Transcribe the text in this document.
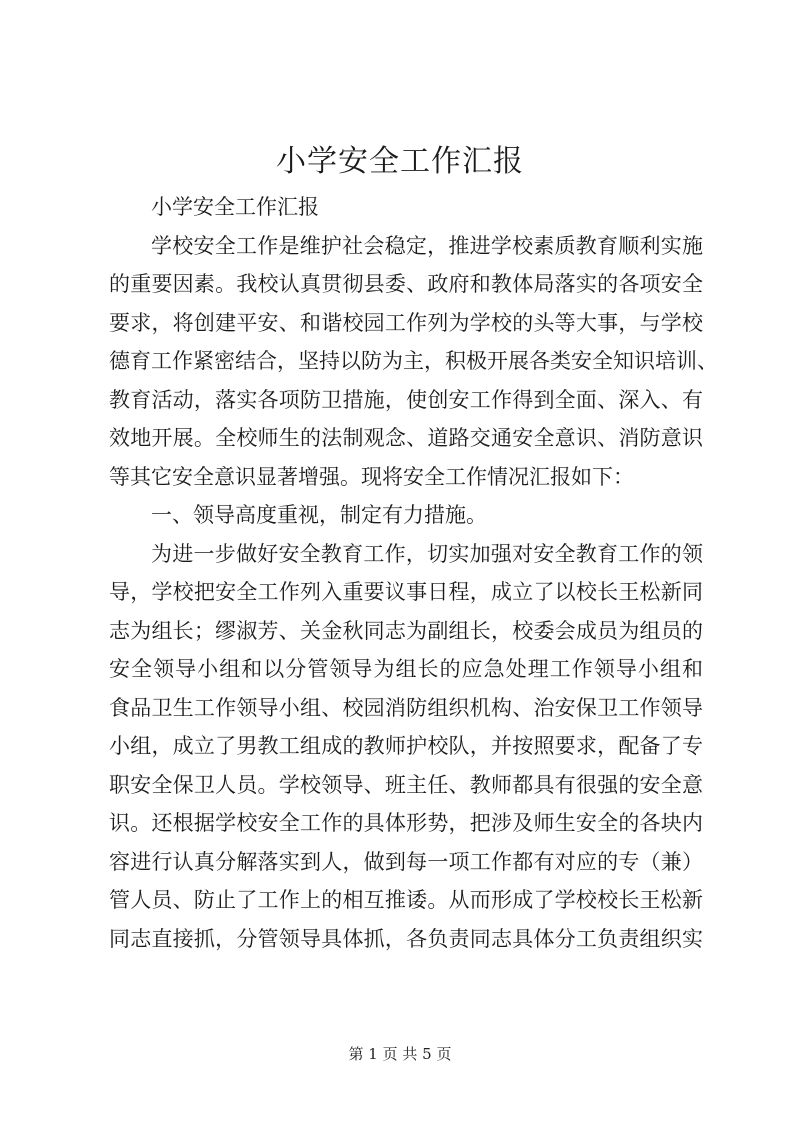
小学安全工作汇报
小学安全工作汇报
学校安全工作是维护社会稳定，推进学校素质教育顺利实施
的重要因素。我校认真贯彻县委、政府和教体局落实的各项安全
要求，将创建平安、和谐校园工作列为学校的头等大事，与学校
德育工作紧密结合，坚持以防为主，积极开展各类安全知识培训、
教育活动，落实各项防卫措施，使创安工作得到全面、深入、有
效地开展。全校师生的法制观念、道路交通安全意识、消防意识
等其它安全意识显著增强。现将安全工作情况汇报如下：
一、领导高度重视，制定有力措施。
为进一步做好安全教育工作，切实加强对安全教育工作的领
导，学校把安全工作列入重要议事日程，成立了以校长王松新同
志为组长；缪淑芳、关金秋同志为副组长，校委会成员为组员的
安全领导小组和以分管领导为组长的应急处理工作领导小组和
食品卫生工作领导小组、校园消防组织机构、治安保卫工作领导
小组，成立了男教工组成的教师护校队，并按照要求，配备了专
职安全保卫人员。学校领导、班主任、教师都具有很强的安全意
识。还根据学校安全工作的具体形势，把涉及师生安全的各块内
容进行认真分解落实到人，做到每一项工作都有对应的专（兼）
管人员、防止了工作上的相互推诿。从而形成了学校校长王松新
同志直接抓，分管领导具体抓，各负责同志具体分工负责组织实
第 1 页 共 5 页
